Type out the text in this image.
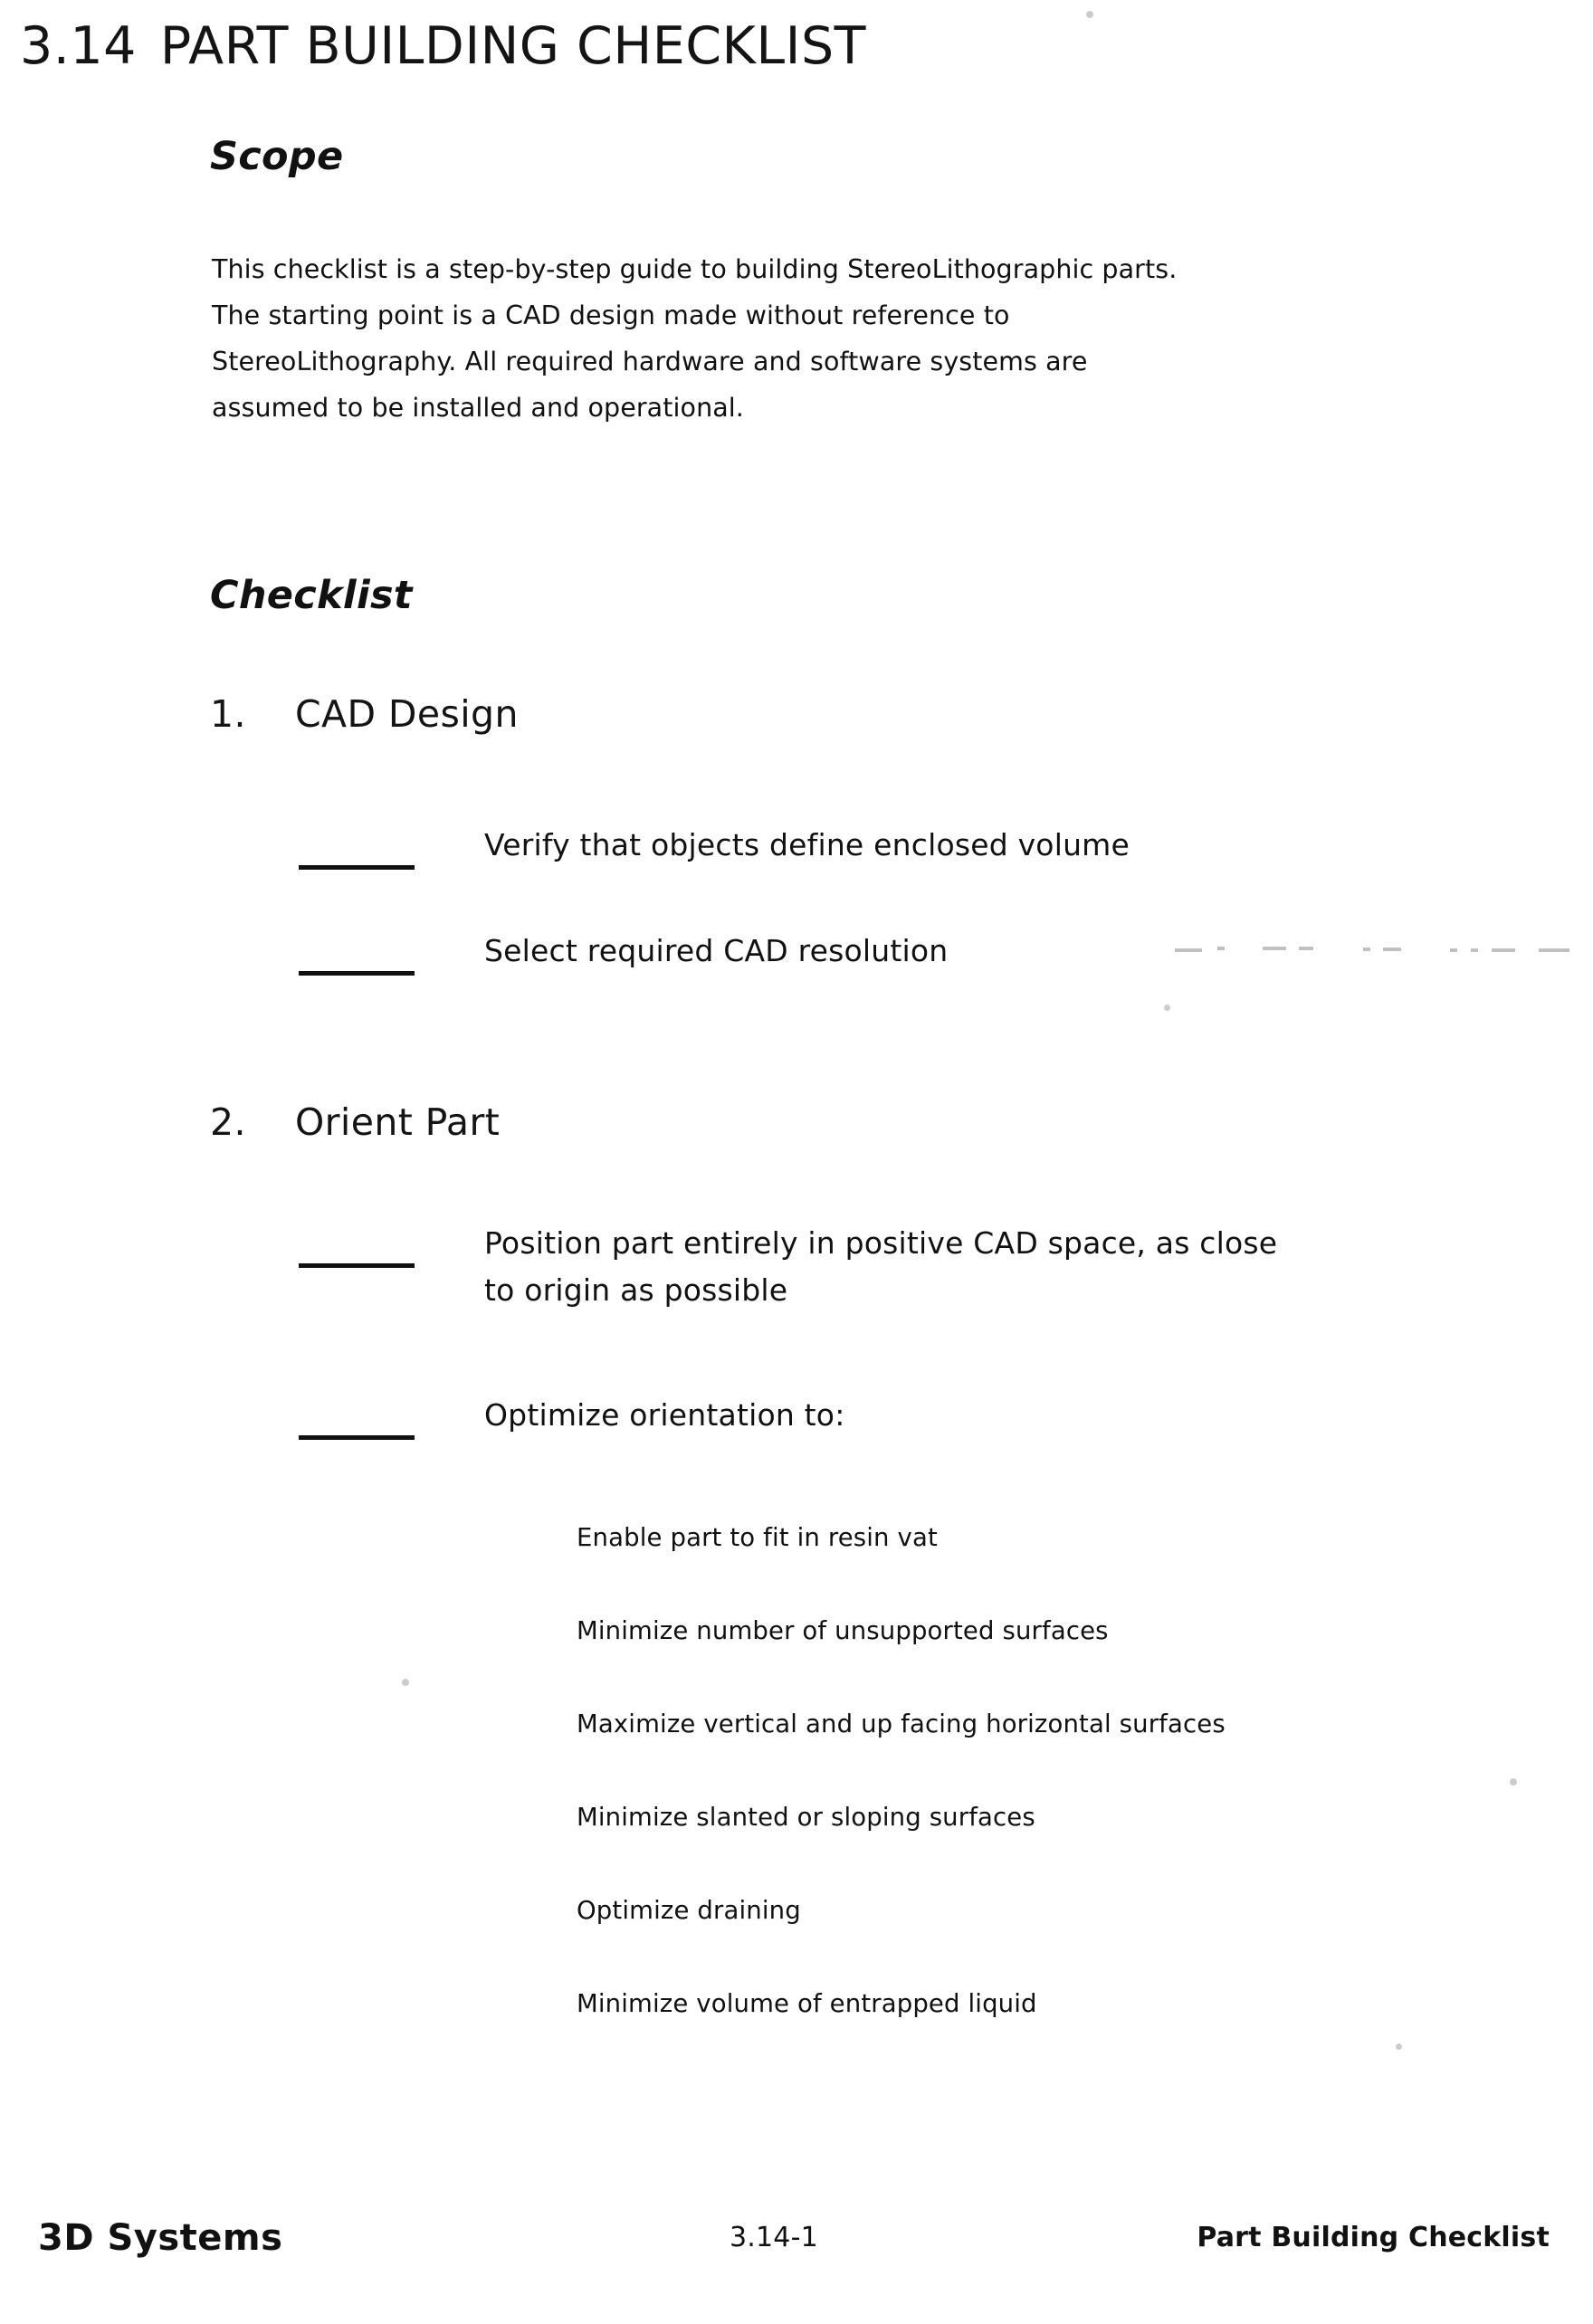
3.14 PART BUILDING CHECKLIST
Scope
This checklist is a step-by-step guide to building StereoLithographic parts.
The starting point is a CAD design made without reference to
StereoLithography. All required hardware and software systems are
assumed to be installed and operational.
Checklist
1. CAD Design
Verify that objects define enclosed volume
Select required CAD resolution
2. Orient Part
Position part entirely in positive CAD space, as close
to origin as possible
Optimize orientation to:
Enable part to fit in resin vat
Minimize number of unsupported surfaces
Maximize vertical and up facing horizontal surfaces
Minimize slanted or sloping surfaces
Optimize draining
Minimize volume of entrapped liquid
3D Systems	3.14-1	Part Building Checklist
